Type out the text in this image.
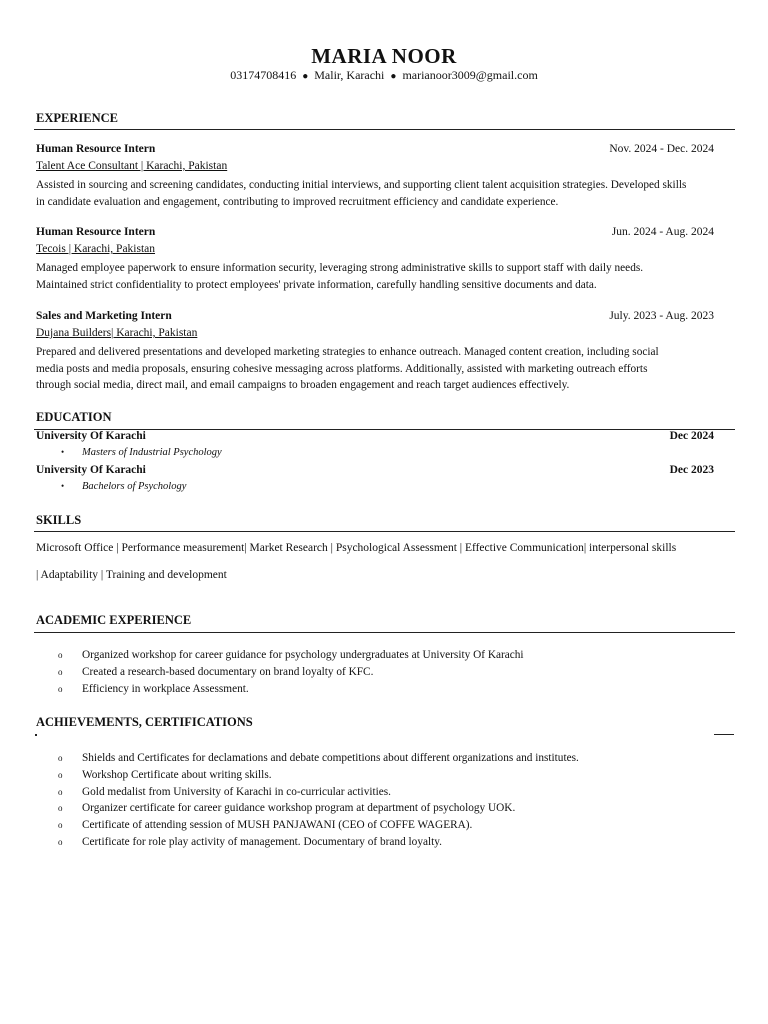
MARIA NOOR
03174708416 ● Malir, Karachi ● marianoor3009@gmail.com
EXPERIENCE
Human Resource Intern	Nov. 2024 - Dec. 2024
Talent Ace Consultant | Karachi, Pakistan
Assisted in sourcing and screening candidates, conducting initial interviews, and supporting client talent acquisition strategies. Developed skills
in candidate evaluation and engagement, contributing to improved recruitment efficiency and candidate experience.
Human Resource Intern	Jun. 2024 - Aug. 2024
Tecois | Karachi, Pakistan
Managed employee paperwork to ensure information security, leveraging strong administrative skills to support staff with daily needs.
Maintained strict confidentiality to protect employees' private information, carefully handling sensitive documents and data.
Sales and Marketing Intern	July. 2023 - Aug. 2023
Dujana Builders| Karachi, Pakistan
Prepared and delivered presentations and developed marketing strategies to enhance outreach. Managed content creation, including social
media posts and media proposals, ensuring cohesive messaging across platforms. Additionally, assisted with marketing outreach efforts
through social media, direct mail, and email campaigns to broaden engagement and reach target audiences effectively.
EDUCATION
University Of Karachi	Dec 2024
• Masters of Industrial Psychology
University Of Karachi	Dec 2023
• Bachelors of Psychology
SKILLS
Microsoft Office | Performance measurement| Market Research | Psychological Assessment | Effective Communication| interpersonal skills
| Adaptability | Training and development
ACADEMIC EXPERIENCE
o Organized workshop for career guidance for psychology undergraduates at University Of Karachi
o Created a research-based documentary on brand loyalty of KFC.
o Efficiency in workplace Assessment.
ACHIEVEMENTS, CERTIFICATIONS
o Shields and Certificates for declamations and debate competitions about different organizations and institutes.
o Workshop Certificate about writing skills.
o Gold medalist from University of Karachi in co-curricular activities.
o Organizer certificate for career guidance workshop program at department of psychology UOK.
o Certificate of attending session of MUSH PANJAWANI (CEO of COFFE WAGERA).
o Certificate for role play activity of management. Documentary of brand loyalty.
